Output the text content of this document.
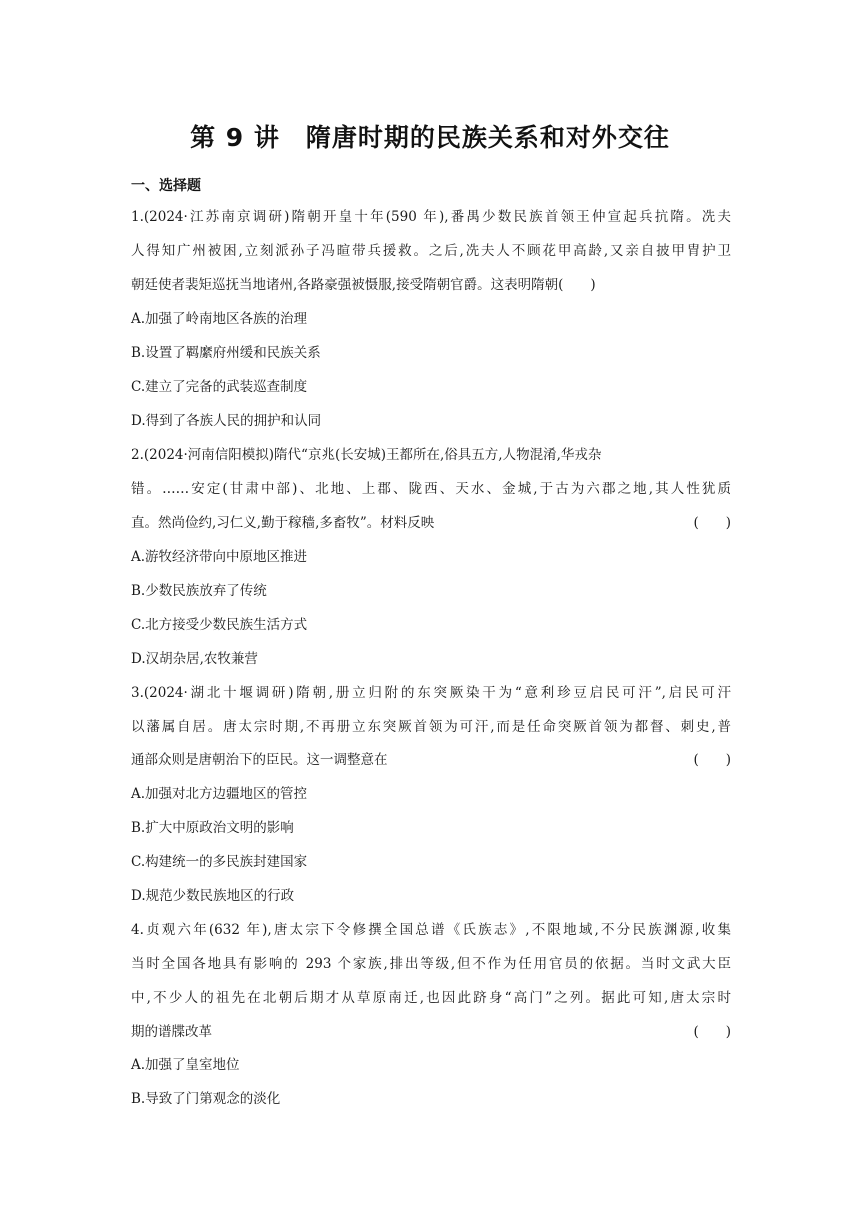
第 9 讲　隋唐时期的民族关系和对外交往
一、选择题
1.(2024·江苏南京调研)隋朝开皇十年(590 年),番禺少数民族首领王仲宣起兵抗隋。冼夫
人得知广州被困,立刻派孙子冯暄带兵援救。之后,冼夫人不顾花甲高龄,又亲自披甲胄护卫
朝廷使者裴矩巡抚当地诸州,各路豪强被慑服,接受隋朝官爵。这表明隋朝(　　)
A.加强了岭南地区各族的治理
B.设置了羁縻府州缓和民族关系
C.建立了完备的武装巡查制度
D.得到了各族人民的拥护和认同
2.(2024·河南信阳模拟)隋代“京兆(长安城)王都所在,俗具五方,人物混淆,华戎杂
错。……安定(甘肃中部)、北地、上郡、陇西、天水、金城,于古为六郡之地,其人性犹质
直。然尚俭约,习仁义,勤于稼穑,多畜牧”。材料反映	(　　)
A.游牧经济带向中原地区推进
B.少数民族放弃了传统
C.北方接受少数民族生活方式
D.汉胡杂居,农牧兼营
3.(2024·湖北十堰调研)隋朝,册立归附的东突厥染干为“意利珍豆启民可汗”,启民可汗
以藩属自居。唐太宗时期,不再册立东突厥首领为可汗,而是任命突厥首领为都督、刺史,普
通部众则是唐朝治下的臣民。这一调整意在	(　　)
A.加强对北方边疆地区的管控
B.扩大中原政治文明的影响
C.构建统一的多民族封建国家
D.规范少数民族地区的行政
4.贞观六年(632 年),唐太宗下令修撰全国总谱《氏族志》,不限地域,不分民族渊源,收集
当时全国各地具有影响的 293 个家族,排出等级,但不作为任用官员的依据。当时文武大臣
中,不少人的祖先在北朝后期才从草原南迁,也因此跻身“高门”之列。据此可知,唐太宗时
期的谱牒改革	(　　)
A.加强了皇室地位
B.导致了门第观念的淡化
